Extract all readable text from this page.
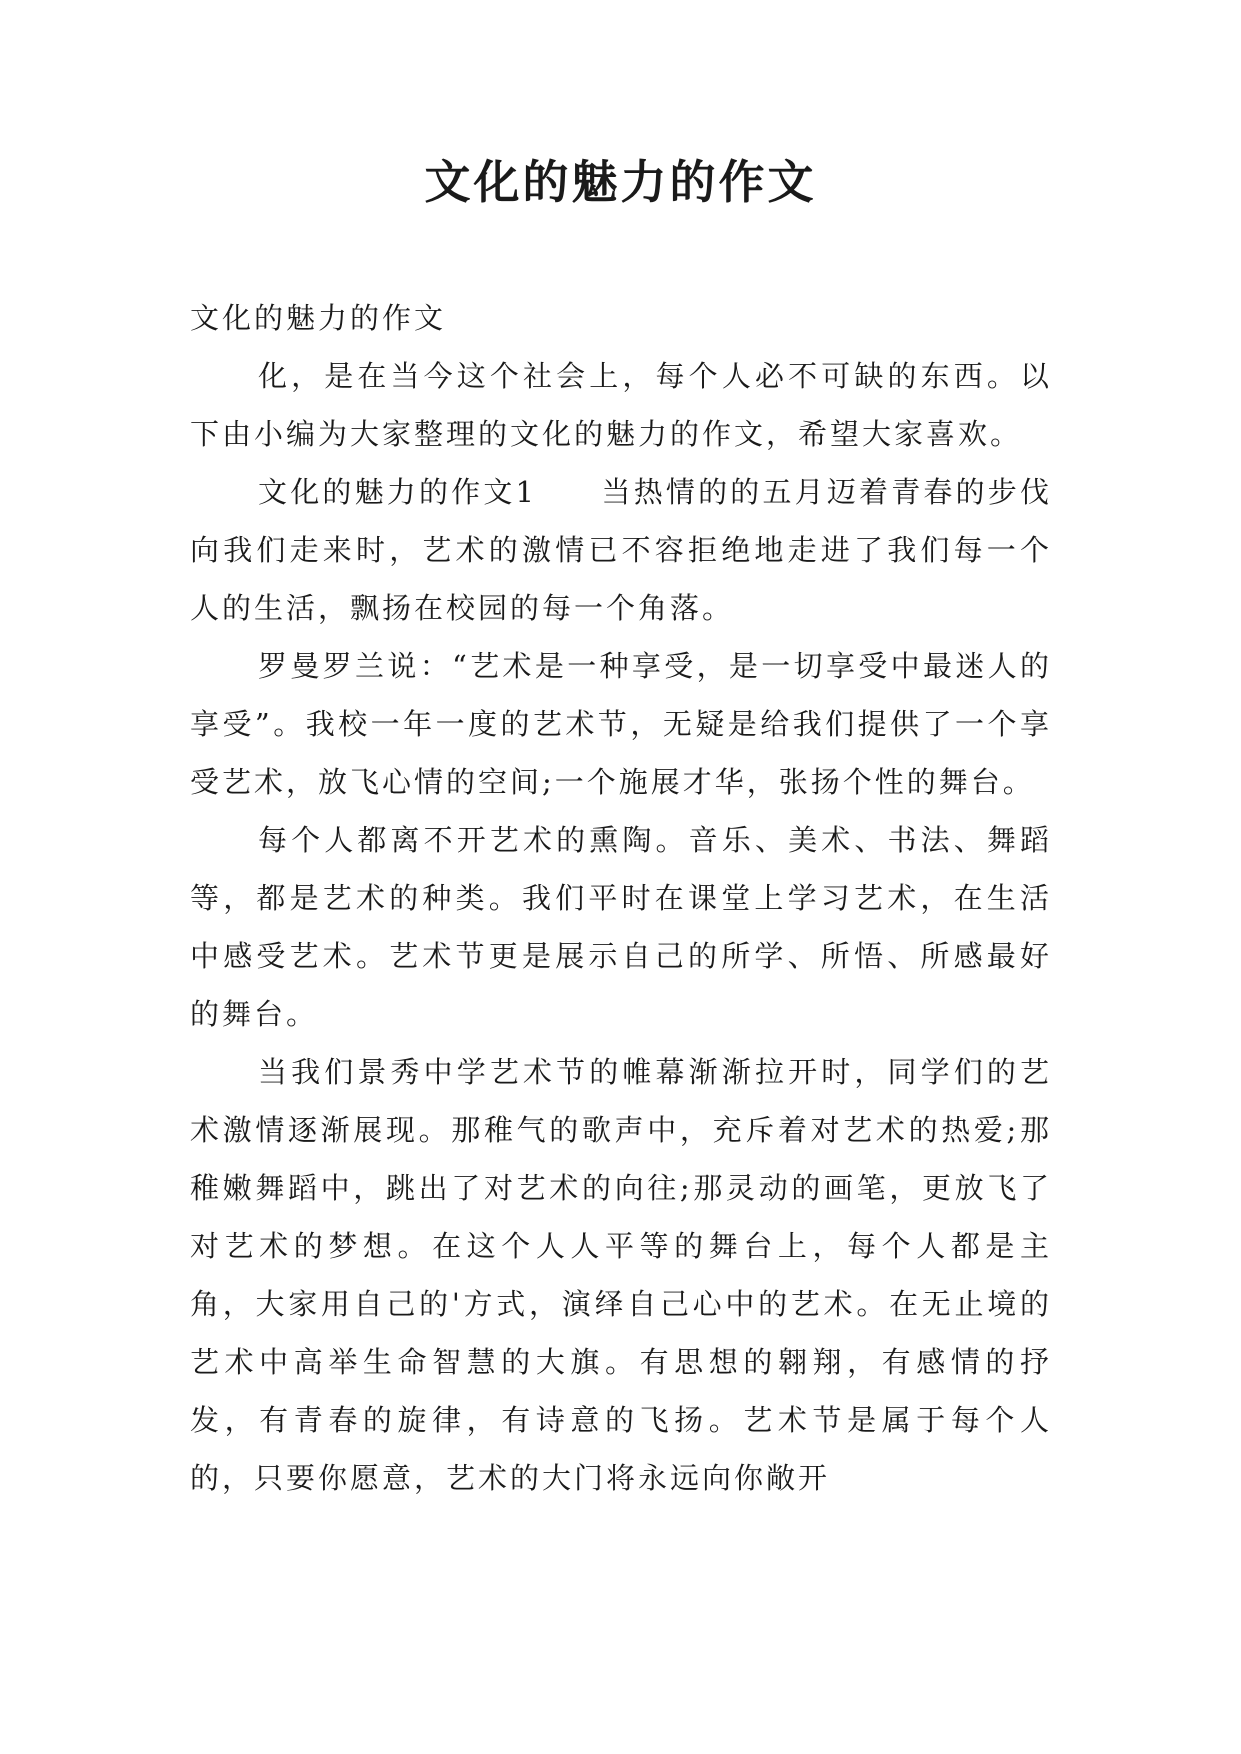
文化的魅力的作文

文化的魅力的作文

化，是在当今这个社会上，每个人必不可缺的东西。以下由小编为大家整理的文化的魅力的作文，希望大家喜欢。

文化的魅力的作文1　　当热情的的五月迈着青春的步伐向我们走来时，艺术的激情已不容拒绝地走进了我们每一个人的生活，飘扬在校园的每一个角落。

罗曼罗兰说：“艺术是一种享受，是一切享受中最迷人的享受”。我校一年一度的艺术节，无疑是给我们提供了一个享受艺术，放飞心情的空间;一个施展才华，张扬个性的舞台。

每个人都离不开艺术的熏陶。音乐、美术、书法、舞蹈等，都是艺术的种类。我们平时在课堂上学习艺术，在生活中感受艺术。艺术节更是展示自己的所学、所悟、所感最好的舞台。

当我们景秀中学艺术节的帷幕渐渐拉开时，同学们的艺术激情逐渐展现。那稚气的歌声中，充斥着对艺术的热爱;那稚嫩舞蹈中，跳出了对艺术的向往;那灵动的画笔，更放飞了对艺术的梦想。在这个人人平等的舞台上，每个人都是主角，大家用自己的'方式，演绎自己心中的艺术。在无止境的艺术中高举生命智慧的大旗。有思想的翱翔，有感情的抒发，有青春的旋律，有诗意的飞扬。艺术节是属于每个人的，只要你愿意，艺术的大门将永远向你敞开
